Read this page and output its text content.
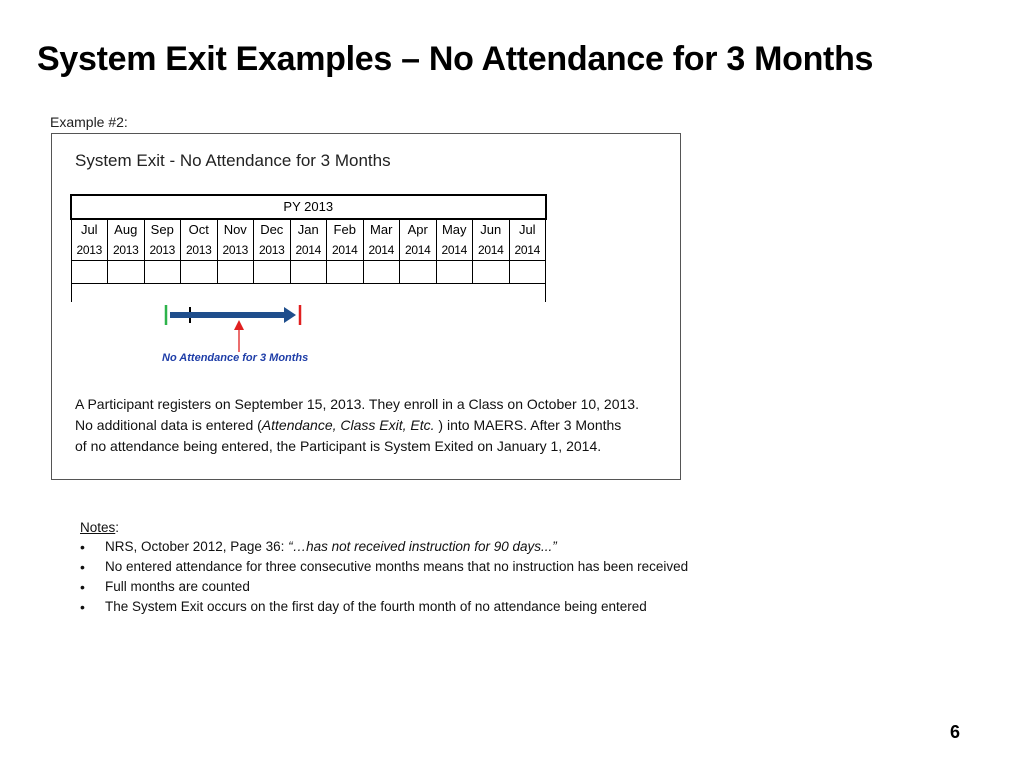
System Exit Examples – No Attendance for 3 Months
Example #2:
System Exit - No Attendance for 3 Months
PY 2013												
Jul	Aug	Sep	Oct	Nov	Dec	Jan	Feb	Mar	Apr	May	Jun	Jul
2013	2013	2013	2013	2013	2013	2014	2014	2014	2014	2014	2014	2014

No Attendance for 3 Months
A Participant registers on September 15, 2013. They enroll in a Class on October 10, 2013.
No additional data is entered (Attendance, Class Exit, Etc. ) into MAERS. After 3 Months
of no attendance being entered, the Participant is System Exited on January 1, 2014.
Notes:
• NRS, October 2012, Page 36: “…has not received instruction for 90 days...”
• No entered attendance for three consecutive months means that no instruction has been received
• Full months are counted
• The System Exit occurs on the first day of the fourth month of no attendance being entered
6
